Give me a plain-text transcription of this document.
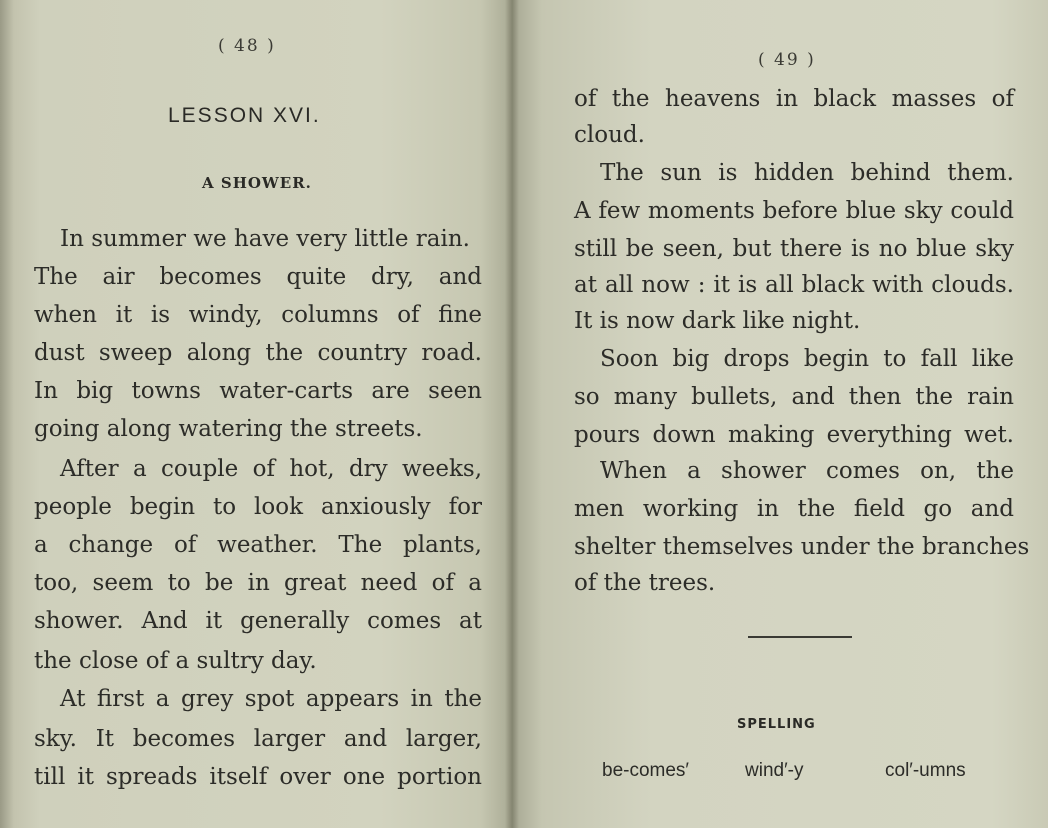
( 48 )
LESSON XVI.
A SHOWER.

In summer we have very little rain.

The air becomes quite dry, and

when it is windy, columns of fine

dust sweep along the country road.

In big towns water-carts are seen

going along watering the streets.

After a couple of hot, dry weeks,

people begin to look anxiously for

a change of weather. The plants,

too, seem to be in great need of a

shower. And it generally comes at

the close of a sultry day.

At first a grey spot appears in the

sky. It becomes larger and larger,

till it spreads itself over one portion

( 49 )

of the heavens in black masses of

cloud.

The sun is hidden behind them.

A few moments before blue sky could

still be seen, but there is no blue sky

at all now : it is all black with clouds.

It is now dark like night.

Soon big drops begin to fall like

so many bullets, and then the rain

pours down making everything wet.

When a shower comes on, the

men working in the field go and

shelter themselves under the branches

of the trees.

SPELLING
be-comes′	wind′-y	col′-umns
